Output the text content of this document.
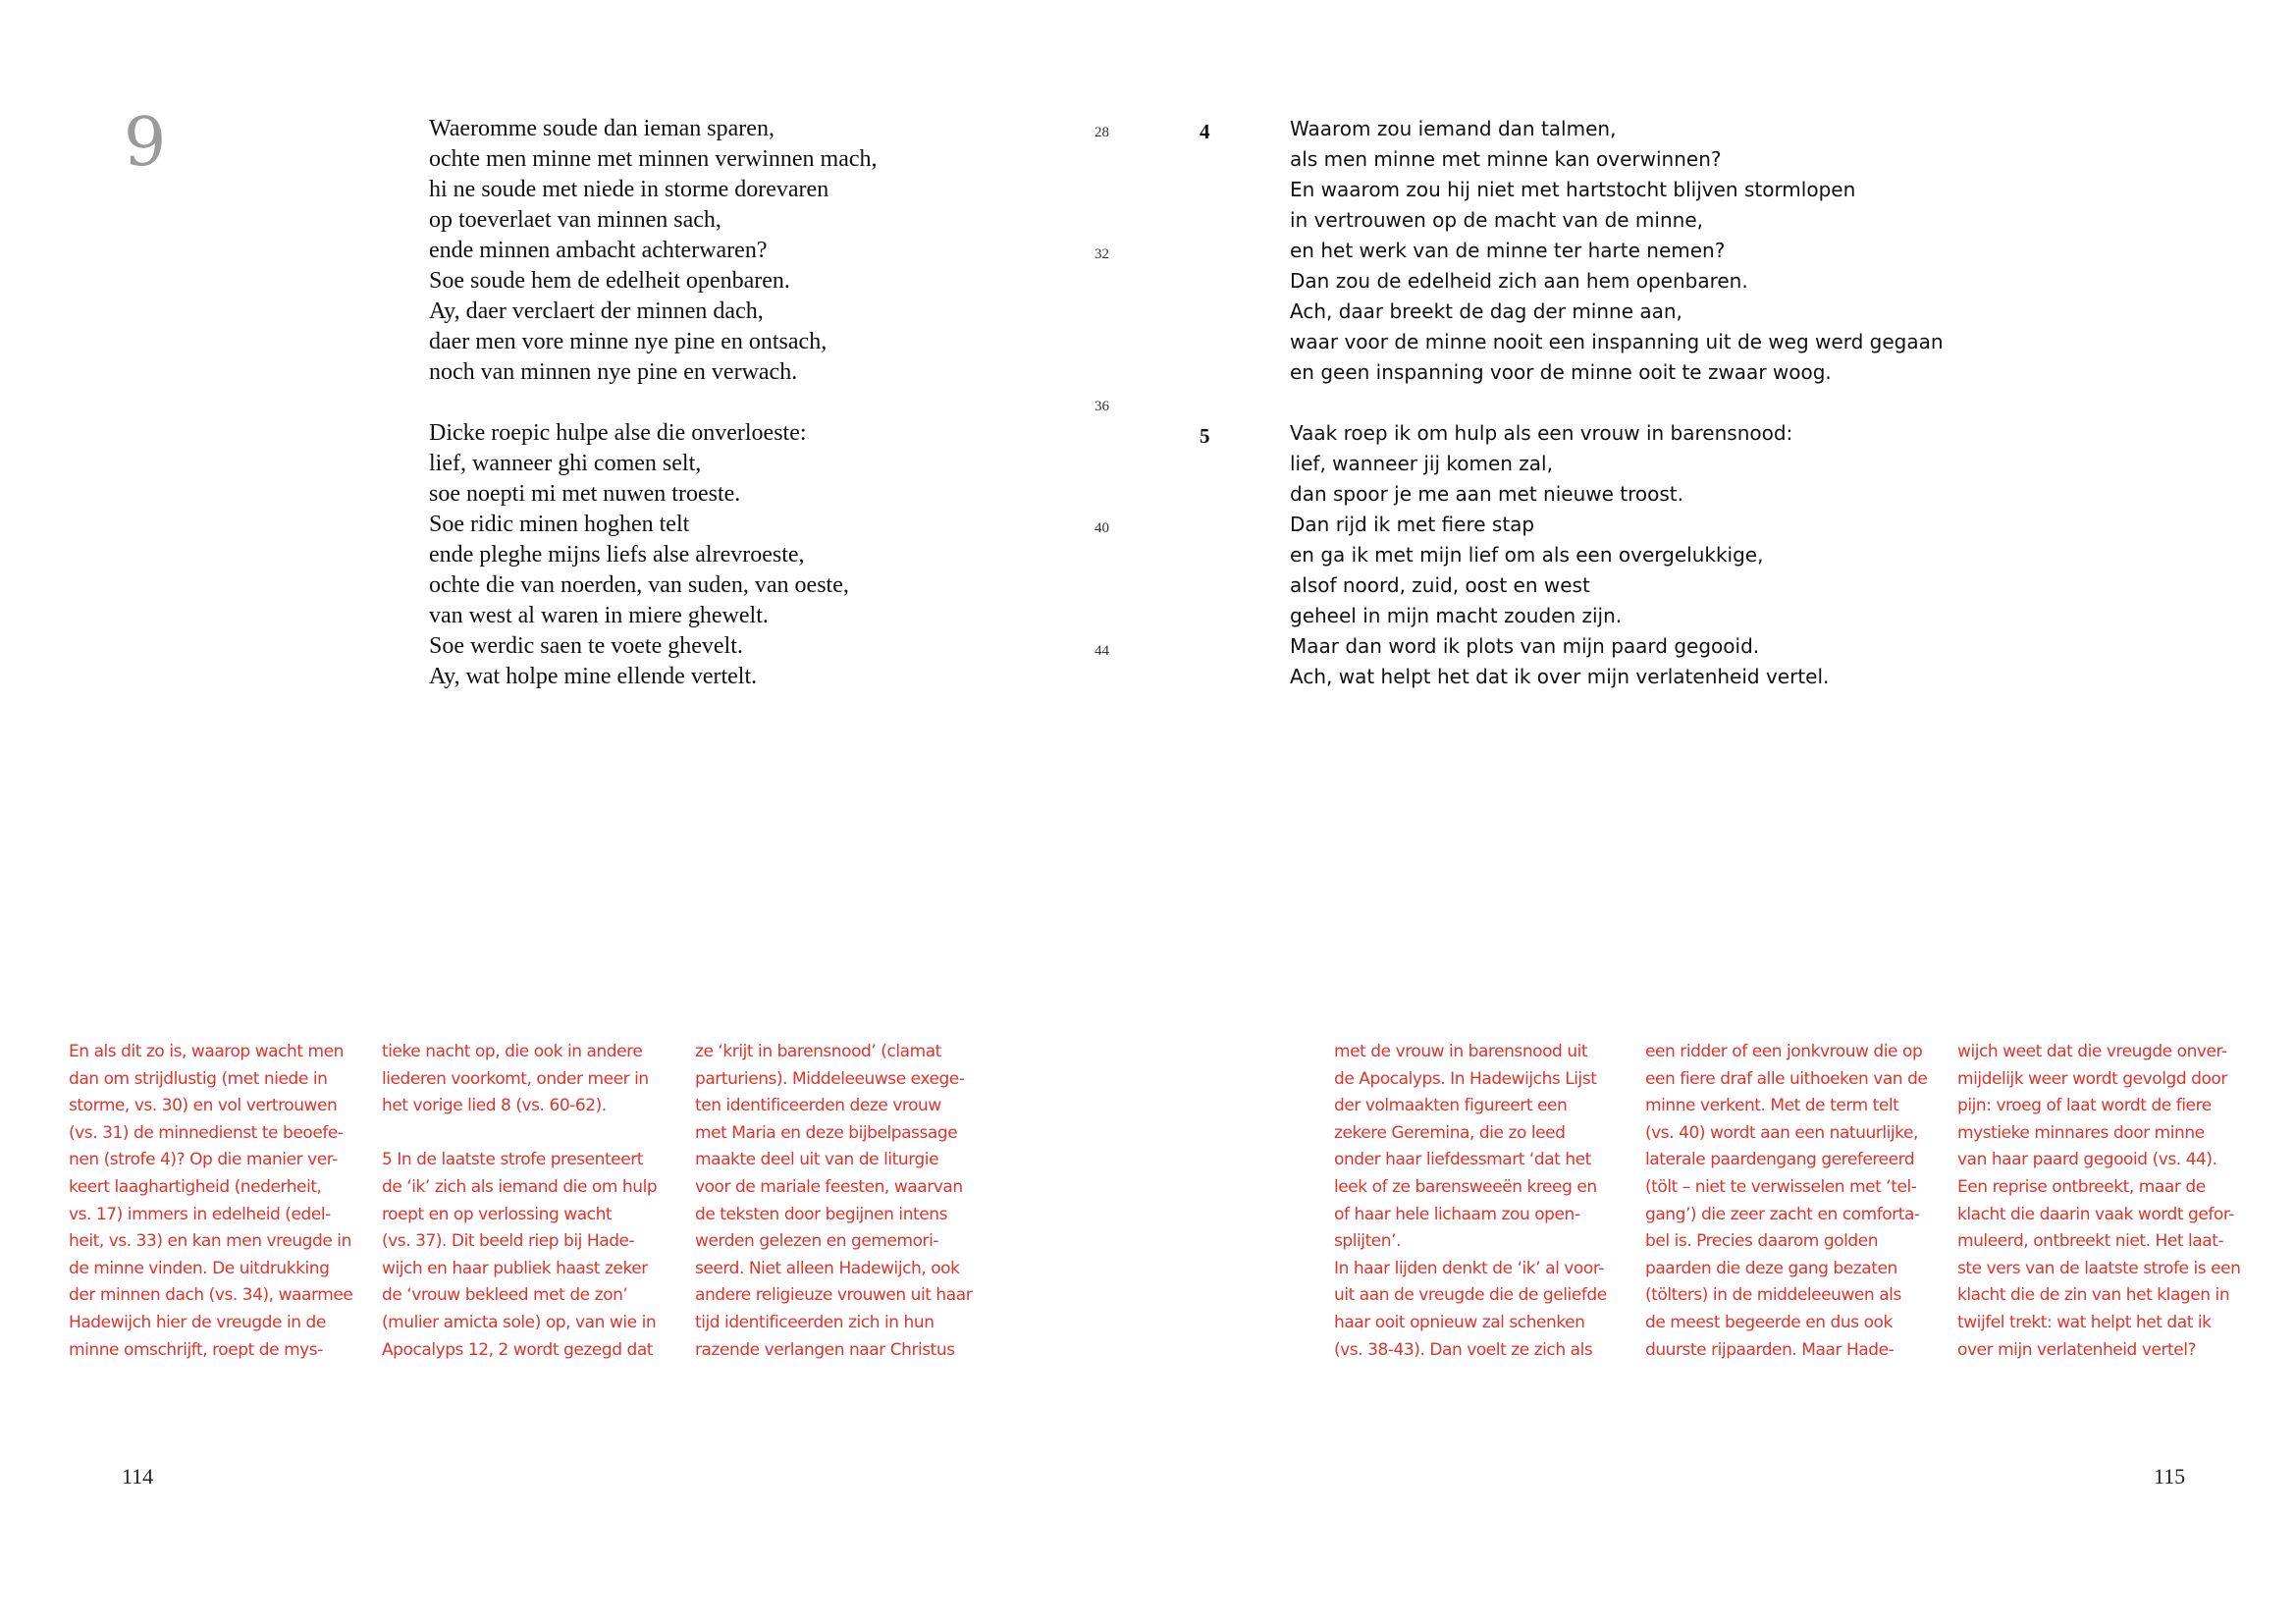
9	Waeromme soude dan ieman sparen,
ochte men minne met minnen verwinnen mach,
hi ne soude met niede in storme dorevaren
op toeverlaet van minnen sach,
ende minnen ambacht achterwaren?
Soe soude hem de edelheit openbaren.
Ay, daer verclaert der minnen dach,
daer men vore minne nye pine en ontsach,
noch van minnen nye pine en verwach.
Dicke roepic hulpe alse die onverloeste:
lief, wanneer ghi comen selt,
soe noepti mi met nuwen troeste.
Soe ridic minen hoghen telt
ende pleghe mijns liefs alse alrevroeste,
ochte die van noerden, van suden, van oeste,
van west al waren in miere ghewelt.
Soe werdic saen te voete ghevelt.
Ay, wat holpe mine ellende vertelt.
28
32
36
40
44
4
5
Waarom zou iemand dan talmen,
als men minne met minne kan overwinnen?
En waarom zou hij niet met hartstocht blijven stormlopen
in vertrouwen op de macht van de minne,
en het werk van de minne ter harte nemen?
Dan zou de edelheid zich aan hem openbaren.
Ach, daar breekt de dag der minne aan,
waar voor de minne nooit een inspanning uit de weg werd gegaan
en geen inspanning voor de minne ooit te zwaar woog.
Vaak roep ik om hulp als een vrouw in barensnood:
lief, wanneer jij komen zal,
dan spoor je me aan met nieuwe troost.
Dan rijd ik met fiere stap
en ga ik met mijn lief om als een overgelukkige,
alsof noord, zuid, oost en west
geheel in mijn macht zouden zijn.
Maar dan word ik plots van mijn paard gegooid.
Ach, wat helpt het dat ik over mijn verlatenheid vertel.
En als dit zo is, waarop wacht men
dan om strijdlustig (met niede in
storme, vs. 30) en vol vertrouwen
(vs. 31) de minnedienst te beoefe-
nen (strofe 4)? Op die manier ver-
keert laaghartigheid (nederheit,
vs. 17) immers in edelheid (edel-
heit, vs. 33) en kan men vreugde in
de minne vinden. De uitdrukking
der minnen dach (vs. 34), waarmee
Hadewijch hier de vreugde in de
minne omschrijft, roept de mys-
tieke nacht op, die ook in andere
liederen voorkomt, onder meer in
het vorige lied 8 (vs. 60-62).
5 In de laatste strofe presenteert
de ‘ik’ zich als iemand die om hulp
roept en op verlossing wacht
(vs. 37). Dit beeld riep bij Hade-
wijch en haar publiek haast zeker
de ‘vrouw bekleed met de zon’
(mulier amicta sole) op, van wie in
Apocalyps 12, 2 wordt gezegd dat
ze ‘krijt in barensnood’ (clamat
parturiens). Middeleeuwse exege-
ten identificeerden deze vrouw
met Maria en deze bijbelpassage
maakte deel uit van de liturgie
voor de mariale feesten, waarvan
de teksten door begijnen intens
werden gelezen en gememori-
seerd. Niet alleen Hadewijch, ook
andere religieuze vrouwen uit haar
tijd identificeerden zich in hun
razende verlangen naar Christus
met de vrouw in barensnood uit
de Apocalyps. In Hadewijchs Lijst
der volmaakten figureert een
zekere Geremina, die zo leed
onder haar liefdessmart ‘dat het
leek of ze barensweeën kreeg en
of haar hele lichaam zou open-
splijten’.
In haar lijden denkt de ‘ik’ al voor-
uit aan de vreugde die de geliefde
haar ooit opnieuw zal schenken
(vs. 38-43). Dan voelt ze zich als
een ridder of een jonkvrouw die op
een fiere draf alle uithoeken van de
minne verkent. Met de term telt
(vs. 40) wordt aan een natuurlijke,
laterale paardengang gerefereerd
(tölt – niet te verwisselen met ‘tel-
gang’) die zeer zacht en comforta-
bel is. Precies daarom golden
paarden die deze gang bezaten
(tölters) in de middeleeuwen als
de meest begeerde en dus ook
duurste rijpaarden. Maar Hade-
wijch weet dat die vreugde onver-
mijdelijk weer wordt gevolgd door
pijn: vroeg of laat wordt de fiere
mystieke minnares door minne
van haar paard gegooid (vs. 44).
Een reprise ontbreekt, maar de
klacht die daarin vaak wordt gefor-
muleerd, ontbreekt niet. Het laat-
ste vers van de laatste strofe is een
klacht die de zin van het klagen in
twijfel trekt: wat helpt het dat ik
over mijn verlatenheid vertel?
114	115
